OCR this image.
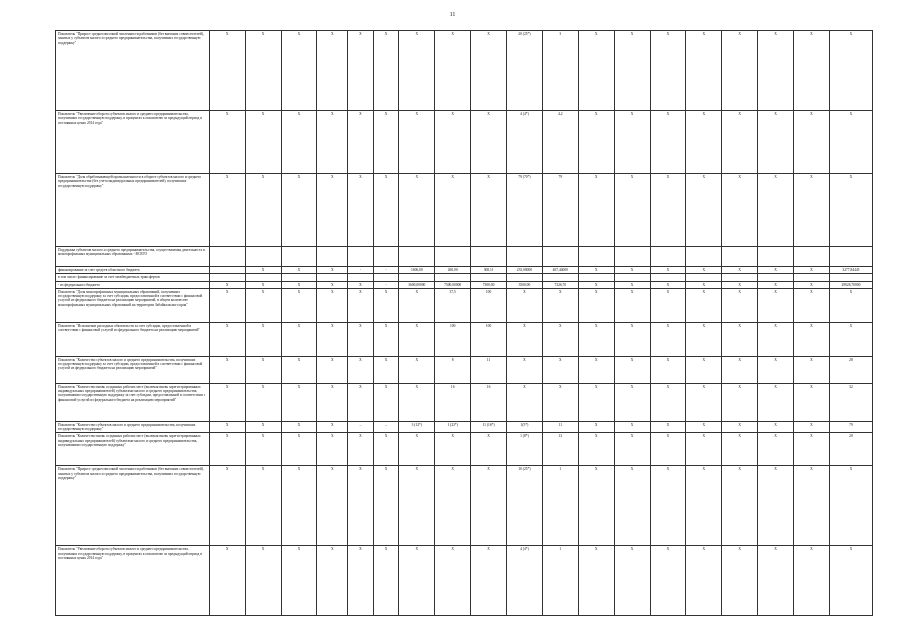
11
Показатель "Прирост среднесписочной численности работников (без внешних совместителей), занятых у субъектов малого и среднего предпринимательства, получивших государственную поддержку"	X	X	X	X	X	X	X	X	X	20 (25*)	3	X	X	X	X	X	X	X	X
Показатель "Увеличение оборота субъектов малого и среднего предпринимательства, получивших государственную поддержку, в процентах к показателю за предыдущий период в постоянных ценах 2014 года"	X	X	X	X	X	X	X	X	X	4 (4*)	4,2	X	X	X	X	X	X	X	X
Показатель "Доля обрабатывающей промышленности в обороте субъектов малого и среднего предпринимательства (без учета индивидуальных предпринимателей), получивших государственную поддержку"	X	X	X	X	X	X	X	X	X	79 (70*)	79	X	X	X	X	X	X	X	X
Поддержка субъектов малого и среднего предпринимательства, осуществляемая деятельность в монопрофильных муниципальных образованиях - ВСЕГО																			
финансирование за счет средств областного бюджета		X	X	X	-	-	1606,00	260,00	308,11	235,00000	467,44000	X	X	X	X	X	X	X	3277,84445
в том числе: финансирование за счет межбюджетных трансфертов																			
- из федерального бюджета	X	X	X	X	X	-	3600,00000	7500,00000	7300,00	3500,00	7326,70	X	X	X	X	X	X	X	29026,70000
Показатель "Доля монопрофильных муниципальных образований, получивших государственную поддержку за счет субсидии, предоставленной в соответствии с финансовой услугой из федерального бюджета на реализацию мероприятий, в общем количестве монопрофильных муниципальных образований на территории Забайкальского края"	X	X	X	X	X	X	X	37,5	100	X	X	X	X	X	X	X	X	X	X
Показатель "Исполнение расходных обязательств за счет субсидии, предоставленной в соответствии с финансовой услугой из федерального бюджета на реализацию мероприятий"	X	X	X	X	X	X	X	100	100	X	X	X	X	X	X	X	X	X	X
Показатель "Количество субъектов малого и среднего предпринимательства, получивших государственную поддержку за счет субсидии, предоставленной в соответствии с финансовой услугой из федерального бюджета на реализацию мероприятий"	X	X	X	X	X	X	X	8	11	X	X	X	X	X	X	X	X	X	28
Показатель "Количество вновь созданных рабочих мест (включая вновь зарегистрированных индивидуальных предпринимателей) субъектами малого и среднего предпринимательства, получившими государственную поддержку за счет субсидии, предоставленной в соответствии с финансовой услугой из федерального бюджета на реализацию мероприятий"	X	X	X	X	X	X	X	16	16	X	X	X	X	X	X	X	X	X	32
Показатель "Количество субъектов малого и среднего предпринимательства, получивших государственную поддержку"	X	X	X	X	–	–	3 (12*)	1 (23*)	11 (16*)	1(5*)	11	X	X	X	X	X	X	X	79
Показатель "Количество вновь созданных рабочих мест (включая вновь зарегистрированных индивидуальных предпринимателей) субъектами малого и среднего предпринимательства, получившими государственную поддержку"	X	X	X	X	X	X	X	X	X	1 (8*)	13	X	X	X	X	X	X	X	20
Показатель "Прирост среднесписочной численности работников (без внешних совместителей), занятых у субъектов малого и среднего предпринимательства, получивших государственную поддержку"	X	X	X	X	X	X	X	X	X	10 (25*)	1	X	X	X	X	X	X	X	X
Показатель "Увеличение оборота субъектов малого и среднего предпринимательства, получивших государственную поддержку, в процентах к показателю за предыдущий период в постоянных ценах 2014 года"	X	X	X	X	X	X	X	X	X	4 (4*)	1	X	X	X	X	X	X	X	X
